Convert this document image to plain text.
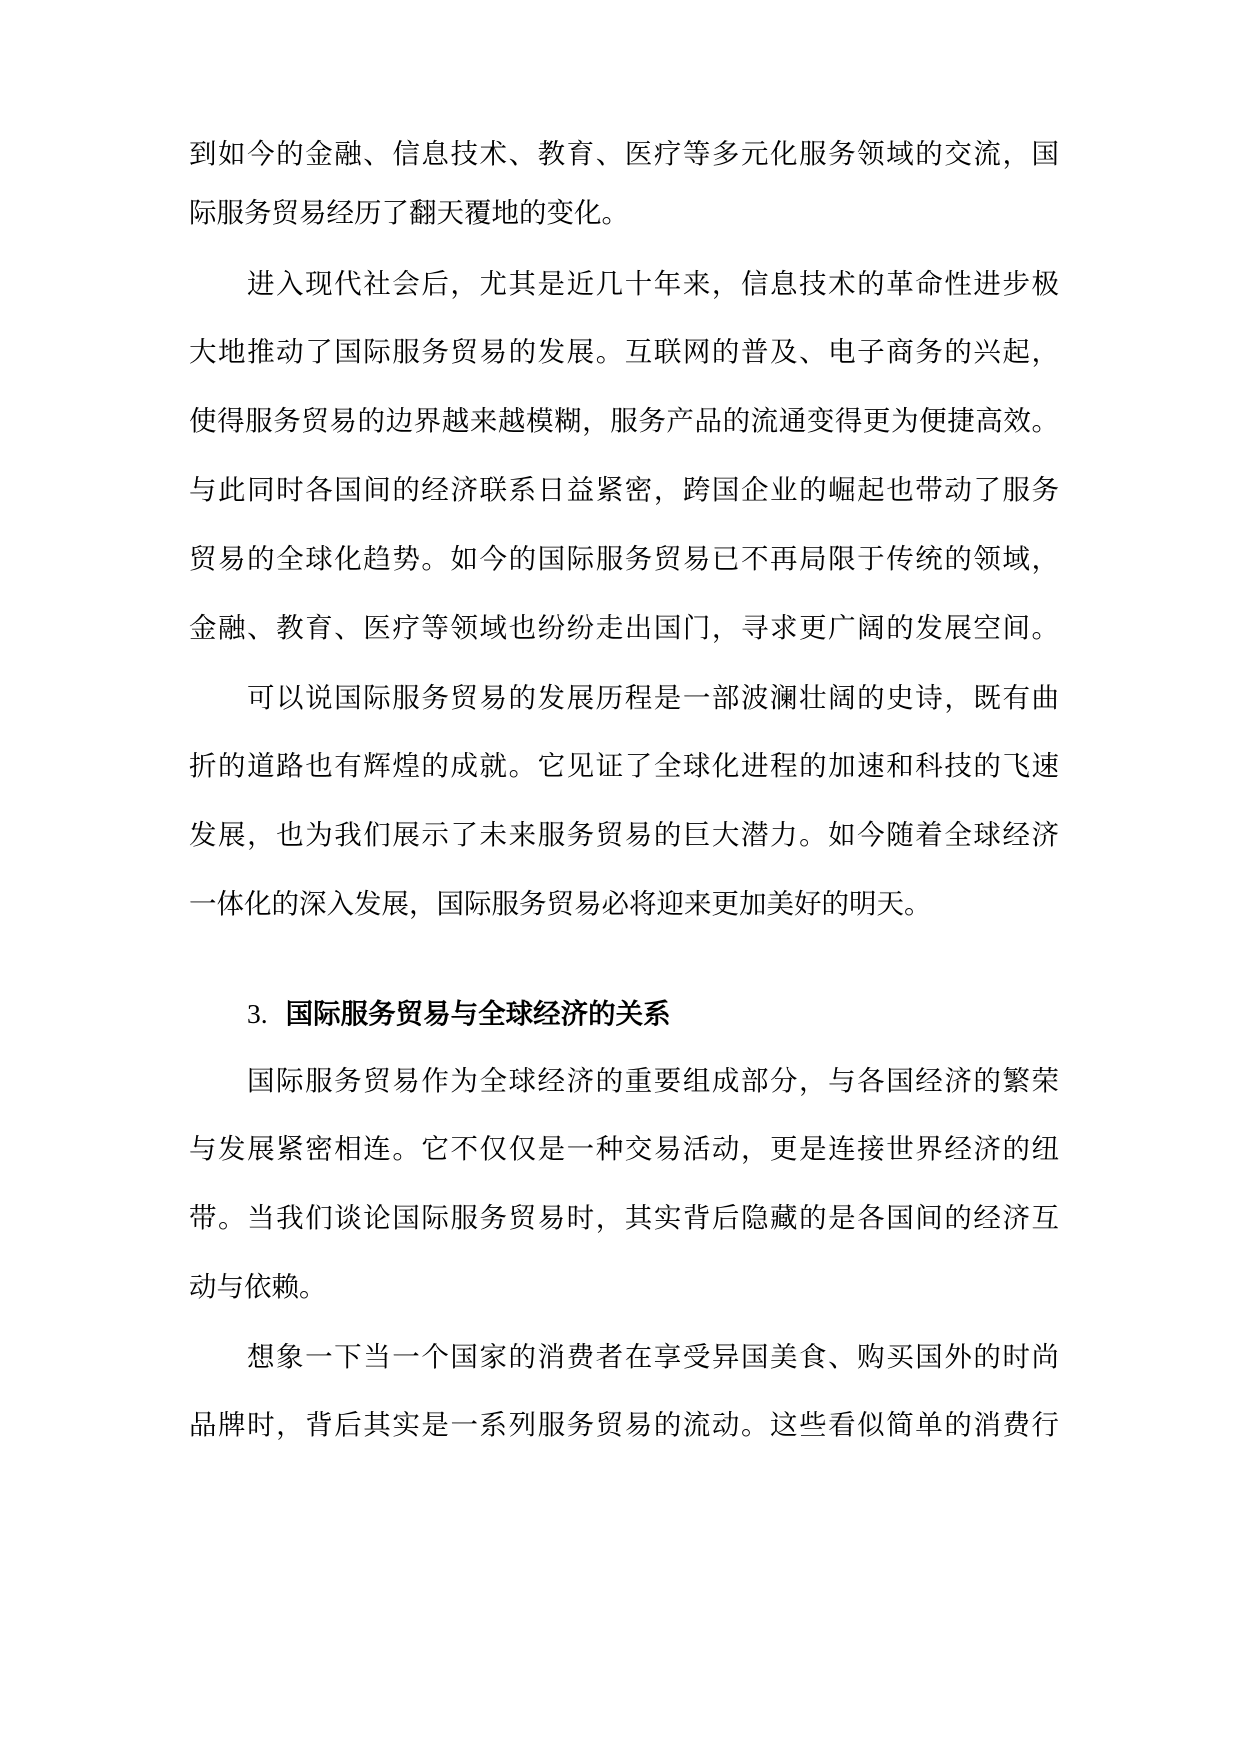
到如今的金融、信息技术、教育、医疗等多元化服务领域的交流，国
际服务贸易经历了翻天覆地的变化。
进入现代社会后，尤其是近几十年来，信息技术的革命性进步极
大地推动了国际服务贸易的发展。互联网的普及、电子商务的兴起，
使得服务贸易的边界越来越模糊，服务产品的流通变得更为便捷高效。
与此同时各国间的经济联系日益紧密，跨国企业的崛起也带动了服务
贸易的全球化趋势。如今的国际服务贸易已不再局限于传统的领域，
金融、教育、医疗等领域也纷纷走出国门，寻求更广阔的发展空间。
可以说国际服务贸易的发展历程是一部波澜壮阔的史诗，既有曲
折的道路也有辉煌的成就。它见证了全球化进程的加速和科技的飞速
发展，也为我们展示了未来服务贸易的巨大潜力。如今随着全球经济
一体化的深入发展，国际服务贸易必将迎来更加美好的明天。
3. 国际服务贸易与全球经济的关系
国际服务贸易作为全球经济的重要组成部分，与各国经济的繁荣
与发展紧密相连。它不仅仅是一种交易活动，更是连接世界经济的纽
带。当我们谈论国际服务贸易时，其实背后隐藏的是各国间的经济互
动与依赖。
想象一下当一个国家的消费者在享受异国美食、购买国外的时尚
品牌时，背后其实是一系列服务贸易的流动。这些看似简单的消费行
